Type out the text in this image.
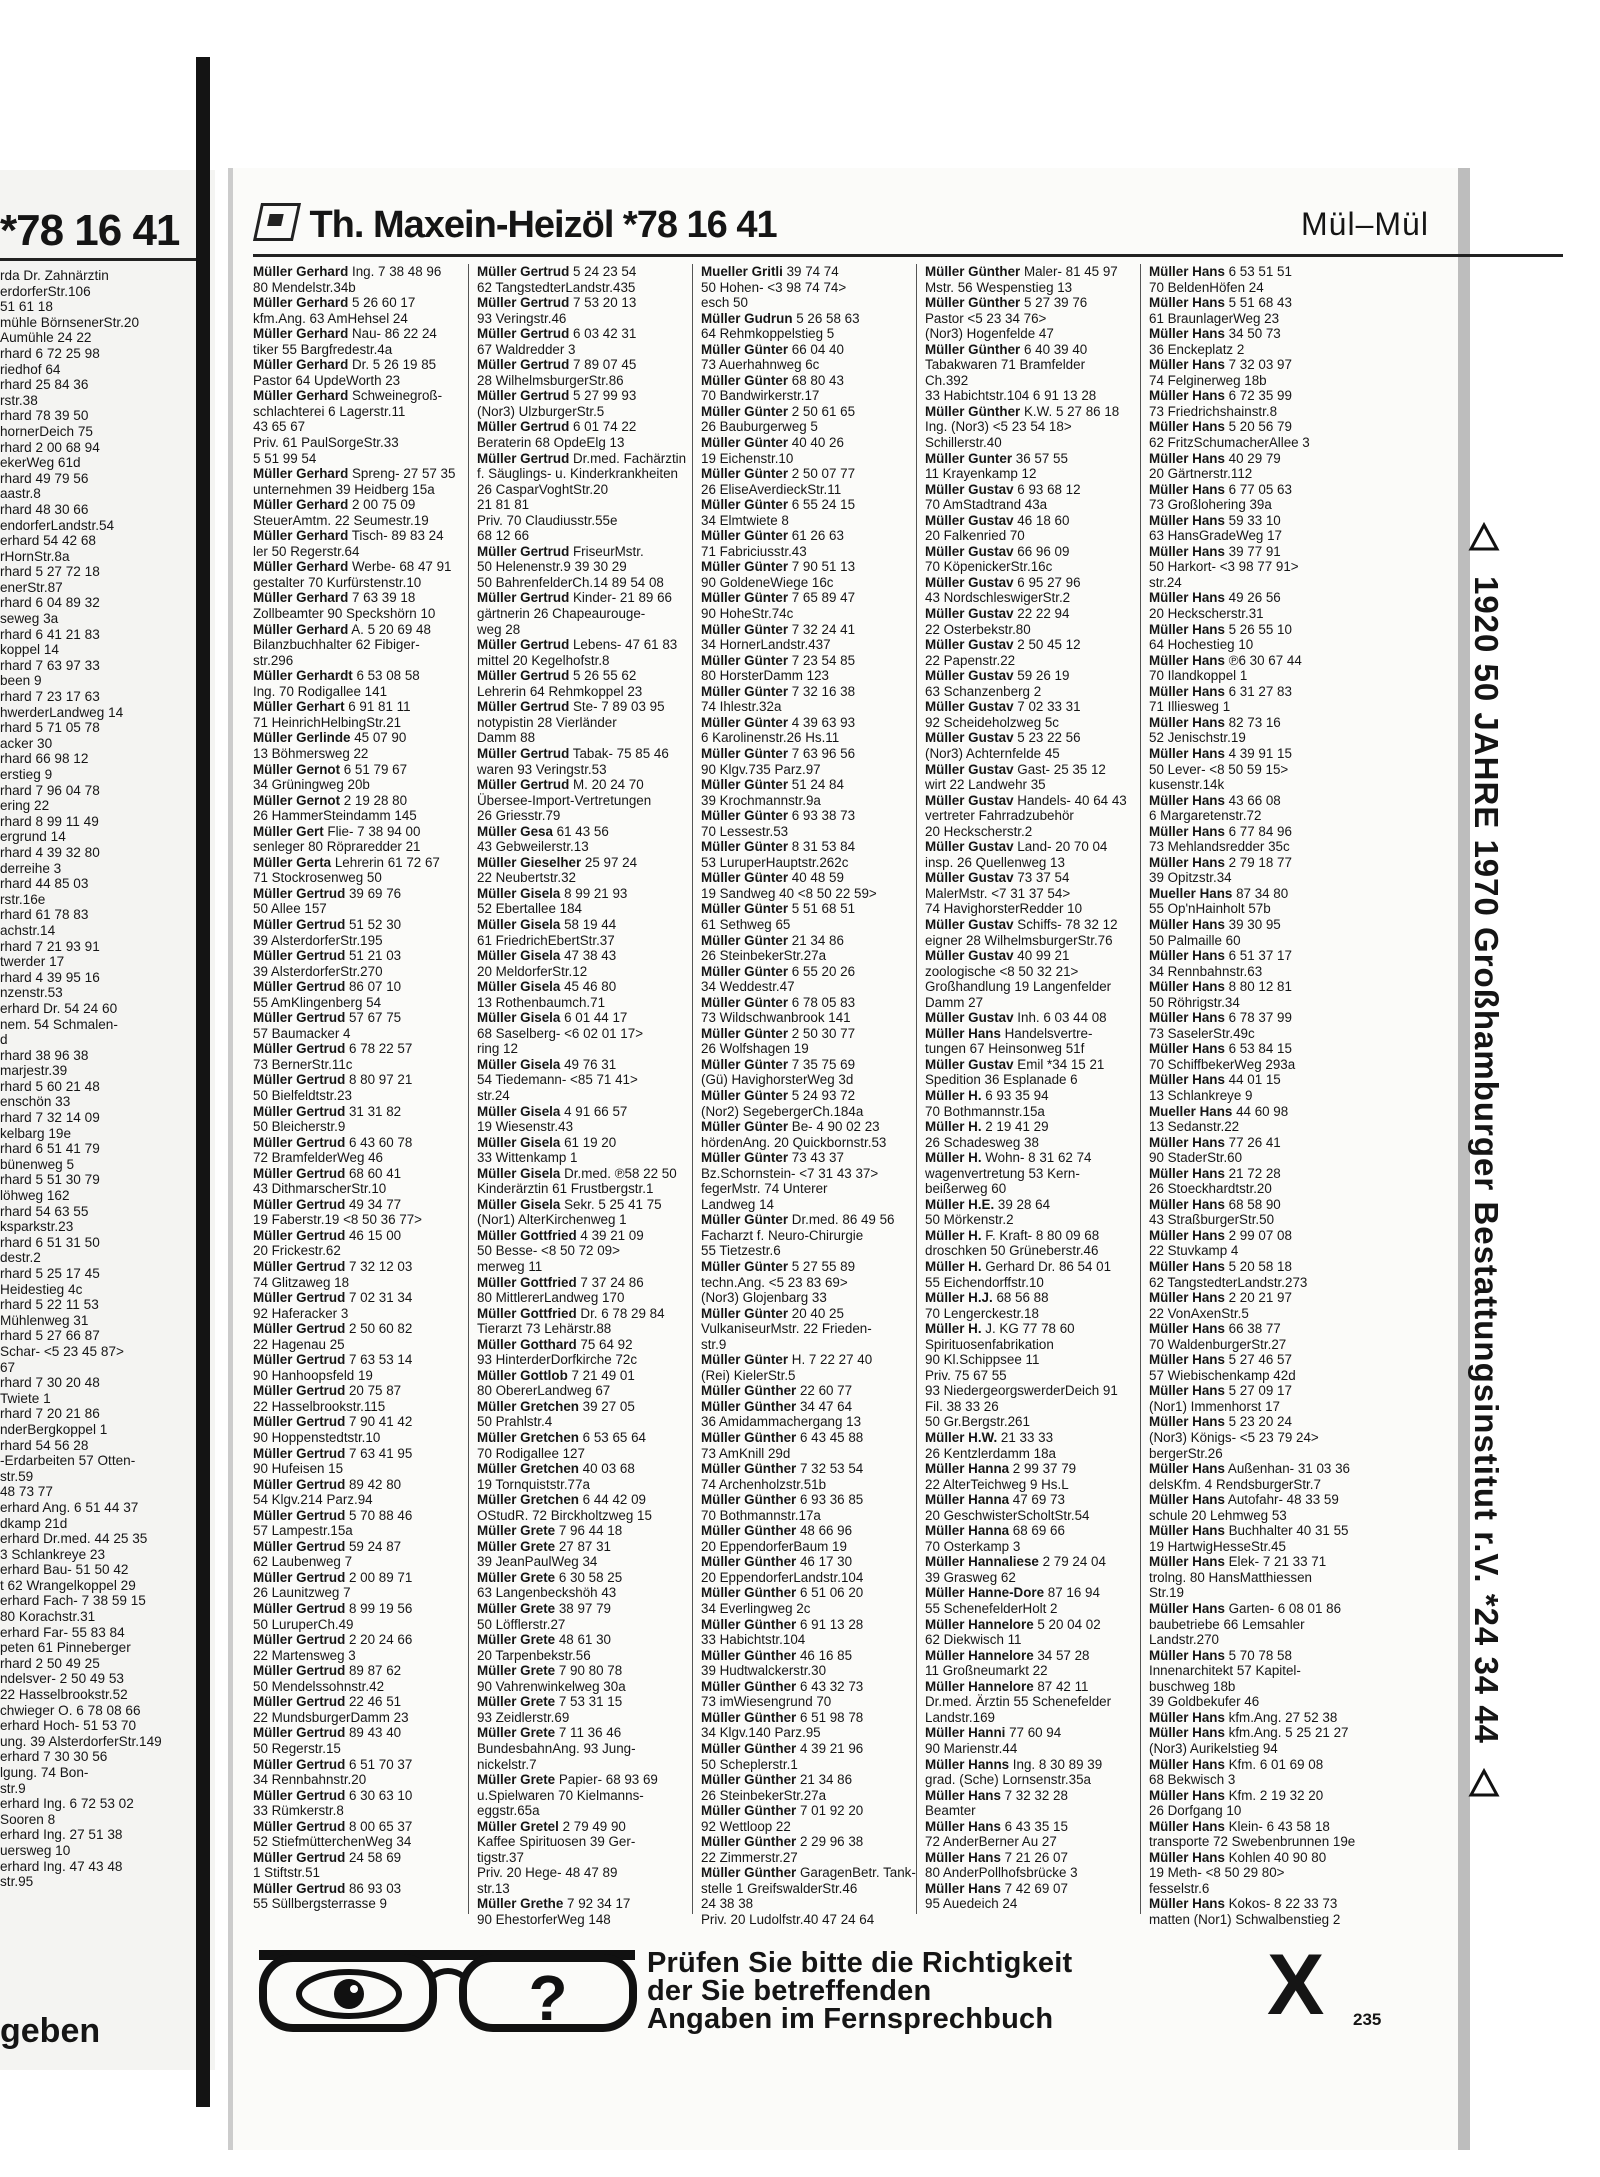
*78 16 41
rda Dr. Zahnärztin
erdorferStr.106
51 61 18
mühle BörnsenerStr.20
Aumühle 24 22
rhard 6 72 25 98
riedhof 64
rhard 25 84 36
rstr.38
rhard 78 39 50
hornerDeich 75
rhard 2 00 68 94
ekerWeg 61d
rhard 49 79 56
aastr.8
rhard 48 30 66
endorferLandstr.54
erhard 54 42 68
rHornStr.8a
rhard 5 27 72 18
enerStr.87
rhard 6 04 89 32
seweg 3a
rhard 6 41 21 83
koppel 14
rhard 7 63 97 33
been 9
rhard 7 23 17 63
hwerderLandweg 14
rhard 5 71 05 78
acker 30
rhard 66 98 12
erstieg 9
rhard 7 96 04 78
ering 22
rhard 8 99 11 49
ergrund 14
rhard 4 39 32 80
derreihe 3
rhard 44 85 03
rstr.16e
rhard 61 78 83
achstr.14
rhard 7 21 93 91
twerder 17
rhard 4 39 95 16
nzenstr.53
erhard Dr. 54 24 60
nem. 54 Schmalen-
d
rhard 38 96 38
marjestr.39
rhard 5 60 21 48
enschön 33
rhard 7 32 14 09
kelbarg 19e
rhard 6 51 41 79
bünenweg 5
rhard 5 51 30 79
löhweg 162
rhard 54 63 55
ksparkstr.23
rhard 6 51 31 50
destr.2
rhard 5 25 17 45
Heidestieg 4c
rhard 5 22 11 53
Mühlenweg 31
rhard 5 27 66 87
Schar- <5 23 45 87>
67
rhard 7 30 20 48
Twiete 1
rhard 7 20 21 86
nderBergkoppel 1
rhard 54 56 28
-Erdarbeiten 57 Otten-
str.59
48 73 77
erhard Ang. 6 51 44 37
dkamp 21d
erhard Dr.med. 44 25 35
3 Schlankreye 23
erhard Bau- 51 50 42
t 62 Wrangelkoppel 29
erhard Fach- 7 38 59 15
80 Korachstr.31
erhard Far- 55 83 84
peten 61 Pinneberger
rhard 2 50 49 25
ndelsver- 2 50 49 53
22 Hasselbrookstr.52
chwieger O. 6 78 08 66
erhard Hoch- 51 53 70
ung. 39 AlsterdorferStr.149
erhard 7 30 30 56
lgung. 74 Bon-
str.9
erhard Ing. 6 72 53 02
Sooren 8
erhard Ing. 27 51 38
uersweg 10
erhard Ing. 47 43 48
str.95
geben
Th. Maxein-Heizöl *78 16 41	Mül–Mül
Müller Gerhard Ing. 7 38 48 96
80 Mendelstr.34b
Müller Gerhard 5 26 60 17
kfm.Ang. 63 AmHehsel 24
Müller Gerhard Nau- 86 22 24
tiker 55 Bargfredestr.4a
Müller Gerhard Dr. 5 26 19 85
Pastor 64 UpdeWorth 23
Müller Gerhard Schweinegroß-
schlachterei 6 Lagerstr.11
43 65 67
Priv. 61 PaulSorgeStr.33
5 51 99 54
Müller Gerhard Spreng- 27 57 35
unternehmen 39 Heidberg 15a
Müller Gerhard 2 00 75 09
SteuerAmtm. 22 Seumestr.19
Müller Gerhard Tisch- 89 83 24
ler 50 Regerstr.64
Müller Gerhard Werbe- 68 47 91
gestalter 70 Kurfürstenstr.10
Müller Gerhard 7 63 39 18
Zollbeamter 90 Speckshörn 10
Müller Gerhard A. 5 20 69 48
Bilanzbuchhalter 62 Fibiger-
str.296
Müller Gerhardt 6 53 08 58
Ing. 70 Rodigallee 141
Müller Gerhart 6 91 81 11
71 HeinrichHelbingStr.21
Müller Gerlinde 45 07 90
13 Böhmersweg 22
Müller Gernot 6 51 79 67
34 Grüningweg 20b
Müller Gernot 2 19 28 80
26 HammerSteindamm 145
Müller Gert Flie- 7 38 94 00
senleger 80 Röpraredder 21
Müller Gerta Lehrerin 61 72 67
71 Stockrosenweg 50
Müller Gertrud 39 69 76
50 Allee 157
Müller Gertrud 51 52 30
39 AlsterdorferStr.195
Müller Gertrud 51 21 03
39 AlsterdorferStr.270
Müller Gertrud 86 07 10
55 AmKlingenberg 54
Müller Gertrud 57 67 75
57 Baumacker 4
Müller Gertrud 6 78 22 57
73 BernerStr.11c
Müller Gertrud 8 80 97 21
50 Bielfeldtstr.23
Müller Gertrud 31 31 82
50 Bleicherstr.9
Müller Gertrud 6 43 60 78
72 BramfelderWeg 46
Müller Gertrud 68 60 41
43 DithmarscherStr.10
Müller Gertrud 49 34 77
19 Faberstr.19 <8 50 36 77>
Müller Gertrud 46 15 00
20 Frickestr.62
Müller Gertrud 7 32 12 03
74 Glitzaweg 18
Müller Gertrud 7 02 31 34
92 Haferacker 3
Müller Gertrud 2 50 60 82
22 Hagenau 25
Müller Gertrud 7 63 53 14
90 Hanhoopsfeld 19
Müller Gertrud 20 75 87
22 Hasselbrookstr.115
Müller Gertrud 7 90 41 42
90 Hoppenstedtstr.10
Müller Gertrud 7 63 41 95
90 Hufeisen 15
Müller Gertrud 89 42 80
54 Klgv.214 Parz.94
Müller Gertrud 5 70 88 46
57 Lampestr.15a
Müller Gertrud 59 24 87
62 Laubenweg 7
Müller Gertrud 2 00 89 71
26 Launitzweg 7
Müller Gertrud 8 99 19 56
50 LuruperCh.49
Müller Gertrud 2 20 24 66
22 Martensweg 3
Müller Gertrud 89 87 62
50 Mendelssohnstr.42
Müller Gertrud 22 46 51
22 MundsburgerDamm 23
Müller Gertrud 89 43 40
50 Regerstr.15
Müller Gertrud 6 51 70 37
34 Rennbahnstr.20
Müller Gertrud 6 30 63 10
33 Rümkerstr.8
Müller Gertrud 8 00 65 37
52 StiefmütterchenWeg 34
Müller Gertrud 24 58 69
1 Stiftstr.51
Müller Gertrud 86 93 03
55 Süllbergsterrasse 9
Müller Gertrud 5 24 23 54
62 TangstedterLandstr.435
Müller Gertrud 7 53 20 13
93 Veringstr.46
Müller Gertrud 6 03 42 31
67 Waldredder 3
Müller Gertrud 7 89 07 45
28 WilhelmsburgerStr.86
Müller Gertrud 5 27 99 93
(Nor3) UlzburgerStr.5
Müller Gertrud 6 01 74 22
Beraterin 68 OpdeElg 13
Müller Gertrud Dr.med. Fachärztin
f. Säuglings- u. Kinderkrankheiten
26 CasparVoghtStr.20
21 81 81
Priv. 70 Claudiusstr.55e
68 12 66
Müller Gertrud FriseurMstr.
50 Helenenstr.9 39 30 29
50 BahrenfelderCh.14 89 54 08
Müller Gertrud Kinder- 21 89 66
gärtnerin 26 Chapeaurouge-
weg 28
Müller Gertrud Lebens- 47 61 83
mittel 20 Kegelhofstr.8
Müller Gertrud 5 26 55 62
Lehrerin 64 Rehmkoppel 23
Müller Gertrud Ste- 7 89 03 95
notypistin 28 Vierländer
Damm 88
Müller Gertrud Tabak- 75 85 46
waren 93 Veringstr.53
Müller Gertrud M. 20 24 70
Übersee-Import-Vertretungen
26 Griesstr.79
Müller Gesa 61 43 56
43 Gebweilerstr.13
Müller Gieselher 25 97 24
22 Neubertstr.32
Müller Gisela 8 99 21 93
52 Ebertallee 184
Müller Gisela 58 19 44
61 FriedrichEbertStr.37
Müller Gisela 47 38 43
20 MeldorferStr.12
Müller Gisela 45 46 80
13 Rothenbaumch.71
Müller Gisela 6 01 44 17
68 Saselberg- <6 02 01 17>
ring 12
Müller Gisela 49 76 31
54 Tiedemann- <85 71 41>
str.24
Müller Gisela 4 91 66 57
19 Wiesenstr.43
Müller Gisela 61 19 20
33 Wittenkamp 1
Müller Gisela Dr.med. ℗58 22 50
Kinderärztin 61 Frustbergstr.1
Müller Gisela Sekr. 5 25 41 75
(Nor1) AlterKirchenweg 1
Müller Gottfried 4 39 21 09
50 Besse- <8 50 72 09>
merweg 11
Müller Gottfried 7 37 24 86
80 MittlererLandweg 170
Müller Gottfried Dr. 6 78 29 84
Tierarzt 73 Lehärstr.88
Müller Gotthard 75 64 92
93 HinterderDorfkirche 72c
Müller Gottlob 7 21 49 01
80 ObererLandweg 67
Müller Gretchen 39 27 05
50 Prahlstr.4
Müller Gretchen 6 53 65 64
70 Rodigallee 127
Müller Gretchen 40 03 68
19 Tornquiststr.77a
Müller Gretchen 6 44 42 09
OStudR. 72 Birckholtzweg 15
Müller Grete 7 96 44 18
Müller Grete 27 87 31
39 JeanPaulWeg 34
Müller Grete 6 30 58 25
63 Langenbeckshöh 43
Müller Grete 38 97 79
50 Löfflerstr.27
Müller Grete 48 61 30
20 Tarpenbekstr.56
Müller Grete 7 90 80 78
90 Vahrenwinkelweg 30a
Müller Grete 7 53 31 15
93 Zeidlerstr.69
Müller Grete 7 11 36 46
BundesbahnAng. 93 Jung-
nickelstr.7
Müller Grete Papier- 68 93 69
u.Spielwaren 70 Kielmanns-
eggstr.65a
Müller Gretel 2 79 49 90
Kaffee Spirituosen 39 Ger-
tigstr.37
Priv. 20 Hege- 48 47 89
str.13
Müller Grethe 7 92 34 17
90 EhestorferWeg 148
Mueller Gritli 39 74 74
50 Hohen- <3 98 74 74>
esch 50
Müller Gudrun 5 26 58 63
64 Rehmkoppelstieg 5
Müller Günter 66 04 40
73 Auerhahnweg 6c
Müller Günter 68 80 43
70 Bandwirkerstr.17
Müller Günter 2 50 61 65
26 Bauburgerweg 5
Müller Günter 40 40 26
19 Eichenstr.10
Müller Günter 2 50 07 77
26 EliseAverdieckStr.11
Müller Günter 6 55 24 15
34 Elmtwiete 8
Müller Günter 61 26 63
71 Fabriciusstr.43
Müller Günter 7 90 51 13
90 GoldeneWiege 16c
Müller Günter 7 65 89 47
90 HoheStr.74c
Müller Günter 7 32 24 41
34 HornerLandstr.437
Müller Günter 7 23 54 85
80 HorsterDamm 123
Müller Günter 7 32 16 38
74 Ihlestr.32a
Müller Günter 4 39 63 93
6 Karolinenstr.26 Hs.11
Müller Günter 7 63 96 56
90 Klgv.735 Parz.97
Müller Günter 51 24 84
39 Krochmannstr.9a
Müller Günter 6 93 38 73
70 Lessestr.53
Müller Günter 8 31 53 84
53 LuruperHauptstr.262c
Müller Günter 40 48 59
19 Sandweg 40 <8 50 22 59>
Müller Günter 5 51 68 51
61 Sethweg 65
Müller Günter 21 34 86
26 SteinbekerStr.27a
Müller Günter 6 55 20 26
34 Weddestr.47
Müller Günter 6 78 05 83
73 Wildschwanbrook 141
Müller Günter 2 50 30 77
26 Wolfshagen 19
Müller Günter 7 35 75 69
(Gü) HavighorsterWeg 3d
Müller Günter 5 24 93 72
(Nor2) SegebergerCh.184a
Müller Günter Be- 4 90 02 23
hördenAng. 20 Quickbornstr.53
Müller Günter 73 43 37
Bz.Schornstein- <7 31 43 37>
fegerMstr. 74 Unterer
Landweg 14
Müller Günter Dr.med. 86 49 56
Facharzt f. Neuro-Chirurgie
55 Tietzestr.6
Müller Günter 5 27 55 89
techn.Ang. <5 23 83 69>
(Nor3) Glojenbarg 33
Müller Günter 20 40 25
VulkaniseurMstr. 22 Frieden-
str.9
Müller Günter H. 7 22 27 40
(Rei) KielerStr.5
Müller Günther 22 60 77
Müller Günther 34 47 64
36 Amidammachergang 13
Müller Günther 6 43 45 88
73 AmKnill 29d
Müller Günther 7 32 53 54
74 Archenholzstr.51b
Müller Günther 6 93 36 85
70 Bothmannstr.17a
Müller Günther 48 66 96
20 EppendorferBaum 19
Müller Günther 46 17 30
20 EppendorferLandstr.104
Müller Günther 6 51 06 20
34 Everlingweg 2c
Müller Günther 6 91 13 28
33 Habichtstr.104
Müller Günther 46 16 85
39 Hudtwalckerstr.30
Müller Günther 6 43 32 73
73 imWiesengrund 70
Müller Günther 6 51 98 78
34 Klgv.140 Parz.95
Müller Günther 4 39 21 96
50 Scheplerstr.1
Müller Günther 21 34 86
26 SteinbekerStr.27a
Müller Günther 7 01 92 20
92 Wettloop 22
Müller Günther 2 29 96 38
22 Zimmerstr.27
Müller Günther GaragenBetr. Tank-
stelle 1 GreifswalderStr.46
24 38 38
Priv. 20 Ludolfstr.40 47 24 64
Müller Günther Maler- 81 45 97
Mstr. 56 Wespenstieg 13
Müller Günther 5 27 39 76
Pastor <5 23 34 76>
(Nor3) Hogenfelde 47
Müller Günther 6 40 39 40
Tabakwaren 71 Bramfelder
Ch.392
33 Habichtstr.104 6 91 13 28
Müller Günther K.W. 5 27 86 18
Ing. (Nor3) <5 23 54 18>
Schillerstr.40
Müller Gunter 36 57 55
11 Krayenkamp 12
Müller Gustav 6 93 68 12
70 AmStadtrand 43a
Müller Gustav 46 18 60
20 Falkenried 70
Müller Gustav 66 96 09
70 KöpenickerStr.16c
Müller Gustav 6 95 27 96
43 NordschleswigerStr.2
Müller Gustav 22 22 94
22 Osterbekstr.80
Müller Gustav 2 50 45 12
22 Papenstr.22
Müller Gustav 59 26 19
63 Schanzenberg 2
Müller Gustav 7 02 33 31
92 Scheideholzweg 5c
Müller Gustav 5 23 22 56
(Nor3) Achternfelde 45
Müller Gustav Gast- 25 35 12
wirt 22 Landwehr 35
Müller Gustav Handels- 40 64 43
vertreter Fahrradzubehör
20 Heckscherstr.2
Müller Gustav Land- 20 70 04
insp. 26 Quellenweg 13
Müller Gustav 73 37 54
MalerMstr. <7 31 37 54>
74 HavighorsterRedder 10
Müller Gustav Schiffs- 78 32 12
eigner 28 WilhelmsburgerStr.76
Müller Gustav 40 99 21
zoologische <8 50 32 21>
Großhandlung 19 Langenfelder
Damm 27
Müller Gustav Inh. 6 03 44 08
Müller Hans Handelsvertre-
tungen 67 Heinsonweg 51f
Müller Gustav Emil *34 15 21
Spedition 36 Esplanade 6
Müller H. 6 93 35 94
70 Bothmannstr.15a
Müller H. 2 19 41 29
26 Schadesweg 38
Müller H. Wohn- 8 31 62 74
wagenvertretung 53 Kern-
beißerweg 60
Müller H.E. 39 28 64
50 Mörkenstr.2
Müller H. F. Kraft- 8 80 09 68
droschken 50 Grüneberstr.46
Müller H. Gerhard Dr. 86 54 01
55 Eichendorffstr.10
Müller H.J. 68 56 88
70 Lengerckestr.18
Müller H. J. KG 77 78 60
Spirituosenfabrikation
90 Kl.Schippsee 11
Priv. 75 67 55
93 NiedergeorgswerderDeich 91
Fil. 38 33 26
50 Gr.Bergstr.261
Müller H.W. 21 33 33
26 Kentzlerdamm 18a
Müller Hanna 2 99 37 79
22 AlterTeichweg 9 Hs.L
Müller Hanna 47 69 73
20 GeschwisterScholtStr.54
Müller Hanna 68 69 66
70 Osterkamp 3
Müller Hannaliese 2 79 24 04
39 Grasweg 62
Müller Hanne-Dore 87 16 94
55 SchenefelderHolt 2
Müller Hannelore 5 20 04 02
62 Diekwisch 11
Müller Hannelore 34 57 28
11 Großneumarkt 22
Müller Hannelore 87 42 11
Dr.med. Ärztin 55 Schenefelder
Landstr.169
Müller Hanni 77 60 94
90 Marienstr.44
Müller Hanns Ing. 8 30 89 39
grad. (Sche) Lornsenstr.35a
Müller Hans 7 32 32 28
Beamter
Müller Hans 6 43 35 15
72 AnderBerner Au 27
Müller Hans 7 21 26 07
80 AnderPollhofsbrücke 3
Müller Hans 7 42 69 07
95 Auedeich 24
Müller Hans 6 53 51 51
70 BeldenHöfen 24
Müller Hans 5 51 68 43
61 BraunlagerWeg 23
Müller Hans 34 50 73
36 Enckeplatz 2
Müller Hans 7 32 03 97
74 Felginerweg 18b
Müller Hans 6 72 35 99
73 Friedrichshainstr.8
Müller Hans 5 20 56 79
62 FritzSchumacherAllee 3
Müller Hans 40 29 79
20 Gärtnerstr.112
Müller Hans 6 77 05 63
73 Großlohering 39a
Müller Hans 59 33 10
63 HansGradeWeg 17
Müller Hans 39 77 91
50 Harkort- <3 98 77 91>
str.24
Müller Hans 49 26 56
20 Heckscherstr.31
Müller Hans 5 26 55 10
64 Hochestieg 10
Müller Hans ℗6 30 67 44
70 Ilandkoppel 1
Müller Hans 6 31 27 83
71 Illiesweg 1
Müller Hans 82 73 16
52 Jenischstr.19
Müller Hans 4 39 91 15
50 Lever- <8 50 59 15>
kusenstr.14k
Müller Hans 43 66 08
6 Margaretenstr.72
Müller Hans 6 77 84 96
73 Mehlandsredder 35c
Müller Hans 2 79 18 77
39 Opitzstr.34
Mueller Hans 87 34 80
55 Op'nHainholt 57b
Müller Hans 39 30 95
50 Palmaille 60
Müller Hans 6 51 37 17
34 Rennbahnstr.63
Müller Hans 8 80 12 81
50 Röhrigstr.34
Müller Hans 6 78 37 99
73 SaselerStr.49c
Müller Hans 6 53 84 15
70 SchiffbekerWeg 293a
Müller Hans 44 01 15
13 Schlankreye 9
Mueller Hans 44 60 98
13 Sedanstr.22
Müller Hans 77 26 41
90 StaderStr.60
Müller Hans 21 72 28
26 Stoeckhardtstr.20
Müller Hans 68 58 90
43 StraßburgerStr.50
Müller Hans 2 99 07 08
22 Stuvkamp 4
Müller Hans 5 20 58 18
62 TangstedterLandstr.273
Müller Hans 2 20 21 97
22 VonAxenStr.5
Müller Hans 66 38 77
70 WaldenburgerStr.27
Müller Hans 5 27 46 57
57 Wiebischenkamp 42d
Müller Hans 5 27 09 17
(Nor1) Immenhorst 17
Müller Hans 5 23 20 24
(Nor3) Königs- <5 23 79 24>
bergerStr.26
Müller Hans Außenhan- 31 03 36
delsKfm. 4 RendsburgerStr.7
Müller Hans Autofahr- 48 33 59
schule 20 Lehmweg 53
Müller Hans Buchhalter 40 31 55
19 HartwigHesseStr.45
Müller Hans Elek- 7 21 33 71
trolng. 80 HansMatthiessen
Str.19
Müller Hans Garten- 6 08 01 86
baubetriebe 66 Lemsahler
Landstr.270
Müller Hans 5 70 78 58
Innenarchitekt 57 Kapitel-
buschweg 18b
39 Goldbekufer 46
Müller Hans kfm.Ang. 27 52 38
Müller Hans kfm.Ang. 5 25 21 27
(Nor3) Aurikelstieg 94
Müller Hans Kfm. 6 01 69 08
68 Bekwisch 3
Müller Hans Kfm. 2 19 32 20
26 Dorfgang 10
Müller Hans Klein- 6 43 58 18
transporte 72 Swebenbrunnen 19e
Müller Hans Kohlen 40 90 80
19 Meth- <8 50 29 80>
fesselstr.6
Müller Hans Kokos- 8 22 33 73
matten (Nor1) Schwalbenstieg 2
1920 50 JAHRE 1970 Großhamburger Bestattungsinstitut r.V. *24 34 44
?	Prüfen Sie bitte die Richtigkeit
der Sie betreffenden
Angaben im Fernsprechbuch X 235
